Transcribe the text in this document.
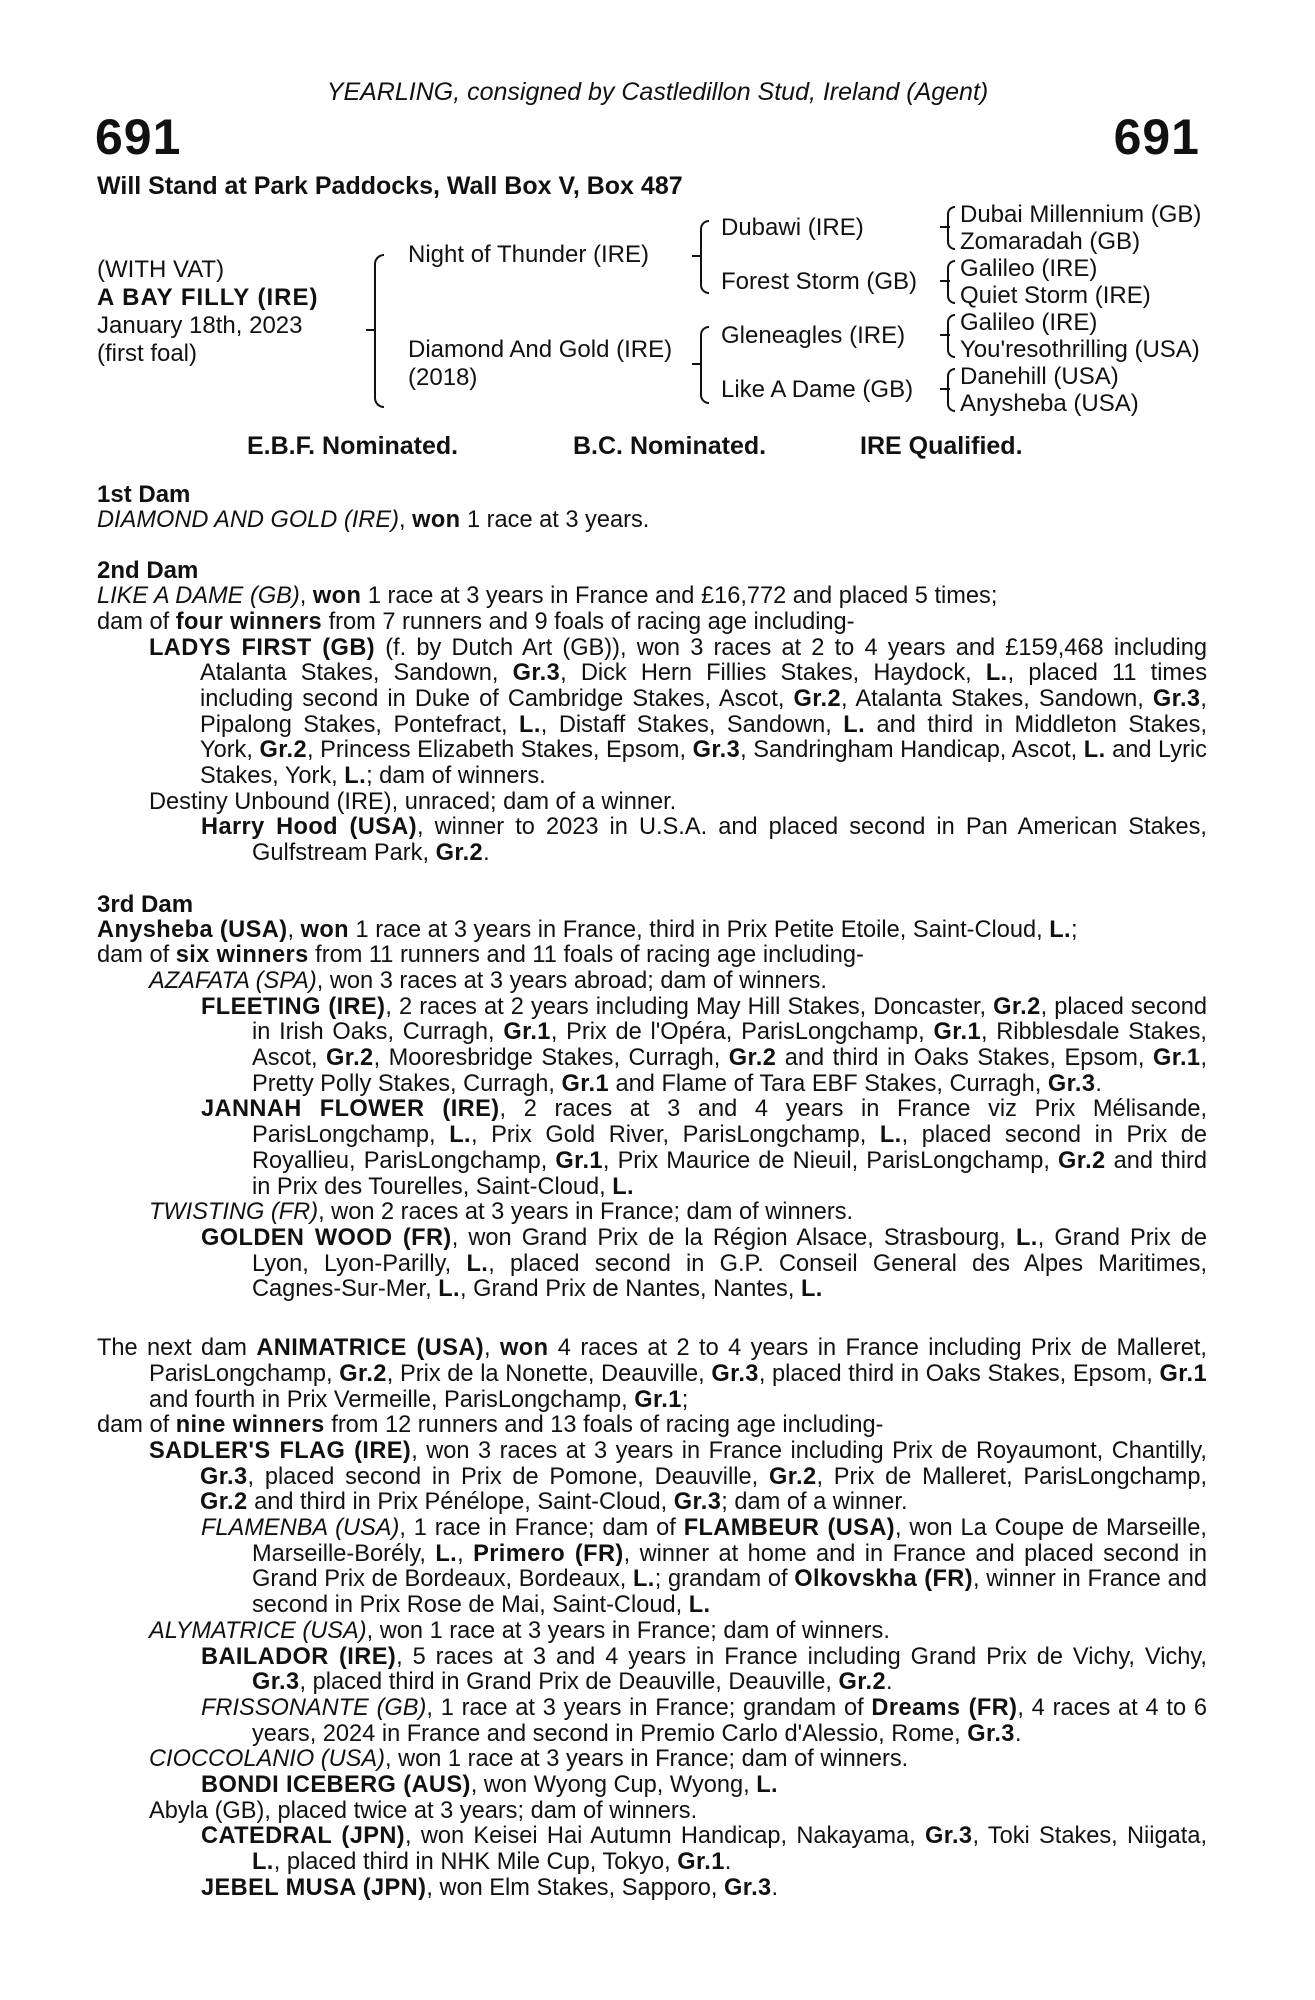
YEARLING, consigned by Castledillon Stud, Ireland (Agent)
691	691
Will Stand at Park Paddocks, Wall Box V, Box 487
(WITH VAT)
A BAY FILLY (IRE)
January 18th, 2023
(first foal)
Night of Thunder (IRE)
Diamond And Gold (IRE)
(2018)
Dubawi (IRE)
Forest Storm (GB)
Gleneagles (IRE)
Like A Dame (GB)
Dubai Millennium (GB)
Zomaradah (GB)
Galileo (IRE)
Quiet Storm (IRE)
Galileo (IRE)
You'resothrilling (USA)
Danehill (USA)
Anysheba (USA)
E.B.F. Nominated.	B.C. Nominated.	IRE Qualified.

1st Dam

DIAMOND AND GOLD (IRE), won 1 race at 3 years.

2nd Dam

LIKE A DAME (GB), won 1 race at 3 years in France and £16,772 and placed 5 times;

dam of four winners from 7 runners and 9 foals of racing age including-

LADYS FIRST (GB) (f. by Dutch Art (GB)), won 3 races at 2 to 4 years and £159,468 including Atalanta Stakes, Sandown, Gr.3, Dick Hern Fillies Stakes, Haydock, L., placed 11 times including second in Duke of Cambridge Stakes, Ascot, Gr.2, Atalanta Stakes, Sandown, Gr.3, Pipalong Stakes, Pontefract, L., Distaff Stakes, Sandown, L. and third in Middleton Stakes, York, Gr.2, Princess Elizabeth Stakes, Epsom, Gr.3, Sandringham Handicap, Ascot, L. and Lyric Stakes, York, L.; dam of winners.

Destiny Unbound (IRE), unraced; dam of a winner.

Harry Hood (USA), winner to 2023 in U.S.A. and placed second in Pan American Stakes, Gulfstream Park, Gr.2.

3rd Dam

Anysheba (USA), won 1 race at 3 years in France, third in Prix Petite Etoile, Saint-Cloud, L.;

dam of six winners from 11 runners and 11 foals of racing age including-

AZAFATA (SPA), won 3 races at 3 years abroad; dam of winners.

FLEETING (IRE), 2 races at 2 years including May Hill Stakes, Doncaster, Gr.2, placed second in Irish Oaks, Curragh, Gr.1, Prix de l'Opéra, ParisLongchamp, Gr.1, Ribblesdale Stakes, Ascot, Gr.2, Mooresbridge Stakes, Curragh, Gr.2 and third in Oaks Stakes, Epsom, Gr.1, Pretty Polly Stakes, Curragh, Gr.1 and Flame of Tara EBF Stakes, Curragh, Gr.3.

JANNAH FLOWER (IRE), 2 races at 3 and 4 years in France viz Prix Mélisande, ParisLongchamp, L., Prix Gold River, ParisLongchamp, L., placed second in Prix de Royallieu, ParisLongchamp, Gr.1, Prix Maurice de Nieuil, ParisLongchamp, Gr.2 and third in Prix des Tourelles, Saint-Cloud, L.

TWISTING (FR), won 2 races at 3 years in France; dam of winners.

GOLDEN WOOD (FR), won Grand Prix de la Région Alsace, Strasbourg, L., Grand Prix de Lyon, Lyon-Parilly, L., placed second in G.P. Conseil General des Alpes Maritimes, Cagnes-Sur-Mer, L., Grand Prix de Nantes, Nantes, L.

The next dam ANIMATRICE (USA), won 4 races at 2 to 4 years in France including Prix de Malleret, ParisLongchamp, Gr.2, Prix de la Nonette, Deauville, Gr.3, placed third in Oaks Stakes, Epsom, Gr.1 and fourth in Prix Vermeille, ParisLongchamp, Gr.1;

dam of nine winners from 12 runners and 13 foals of racing age including-

SADLER'S FLAG (IRE), won 3 races at 3 years in France including Prix de Royaumont, Chantilly, Gr.3, placed second in Prix de Pomone, Deauville, Gr.2, Prix de Malleret, ParisLongchamp, Gr.2 and third in Prix Pénélope, Saint-Cloud, Gr.3; dam of a winner.

FLAMENBA (USA), 1 race in France; dam of FLAMBEUR (USA), won La Coupe de Marseille, Marseille-Borély, L., Primero (FR), winner at home and in France and placed second in Grand Prix de Bordeaux, Bordeaux, L.; grandam of Olkovskha (FR), winner in France and second in Prix Rose de Mai, Saint-Cloud, L.

ALYMATRICE (USA), won 1 race at 3 years in France; dam of winners.

BAILADOR (IRE), 5 races at 3 and 4 years in France including Grand Prix de Vichy, Vichy, Gr.3, placed third in Grand Prix de Deauville, Deauville, Gr.2.

FRISSONANTE (GB), 1 race at 3 years in France; grandam of Dreams (FR), 4 races at 4 to 6 years, 2024 in France and second in Premio Carlo d'Alessio, Rome, Gr.3.

CIOCCOLANIO (USA), won 1 race at 3 years in France; dam of winners.

BONDI ICEBERG (AUS), won Wyong Cup, Wyong, L.

Abyla (GB), placed twice at 3 years; dam of winners.

CATEDRAL (JPN), won Keisei Hai Autumn Handicap, Nakayama, Gr.3, Toki Stakes, Niigata, L., placed third in NHK Mile Cup, Tokyo, Gr.1.

JEBEL MUSA (JPN), won Elm Stakes, Sapporo, Gr.3.
